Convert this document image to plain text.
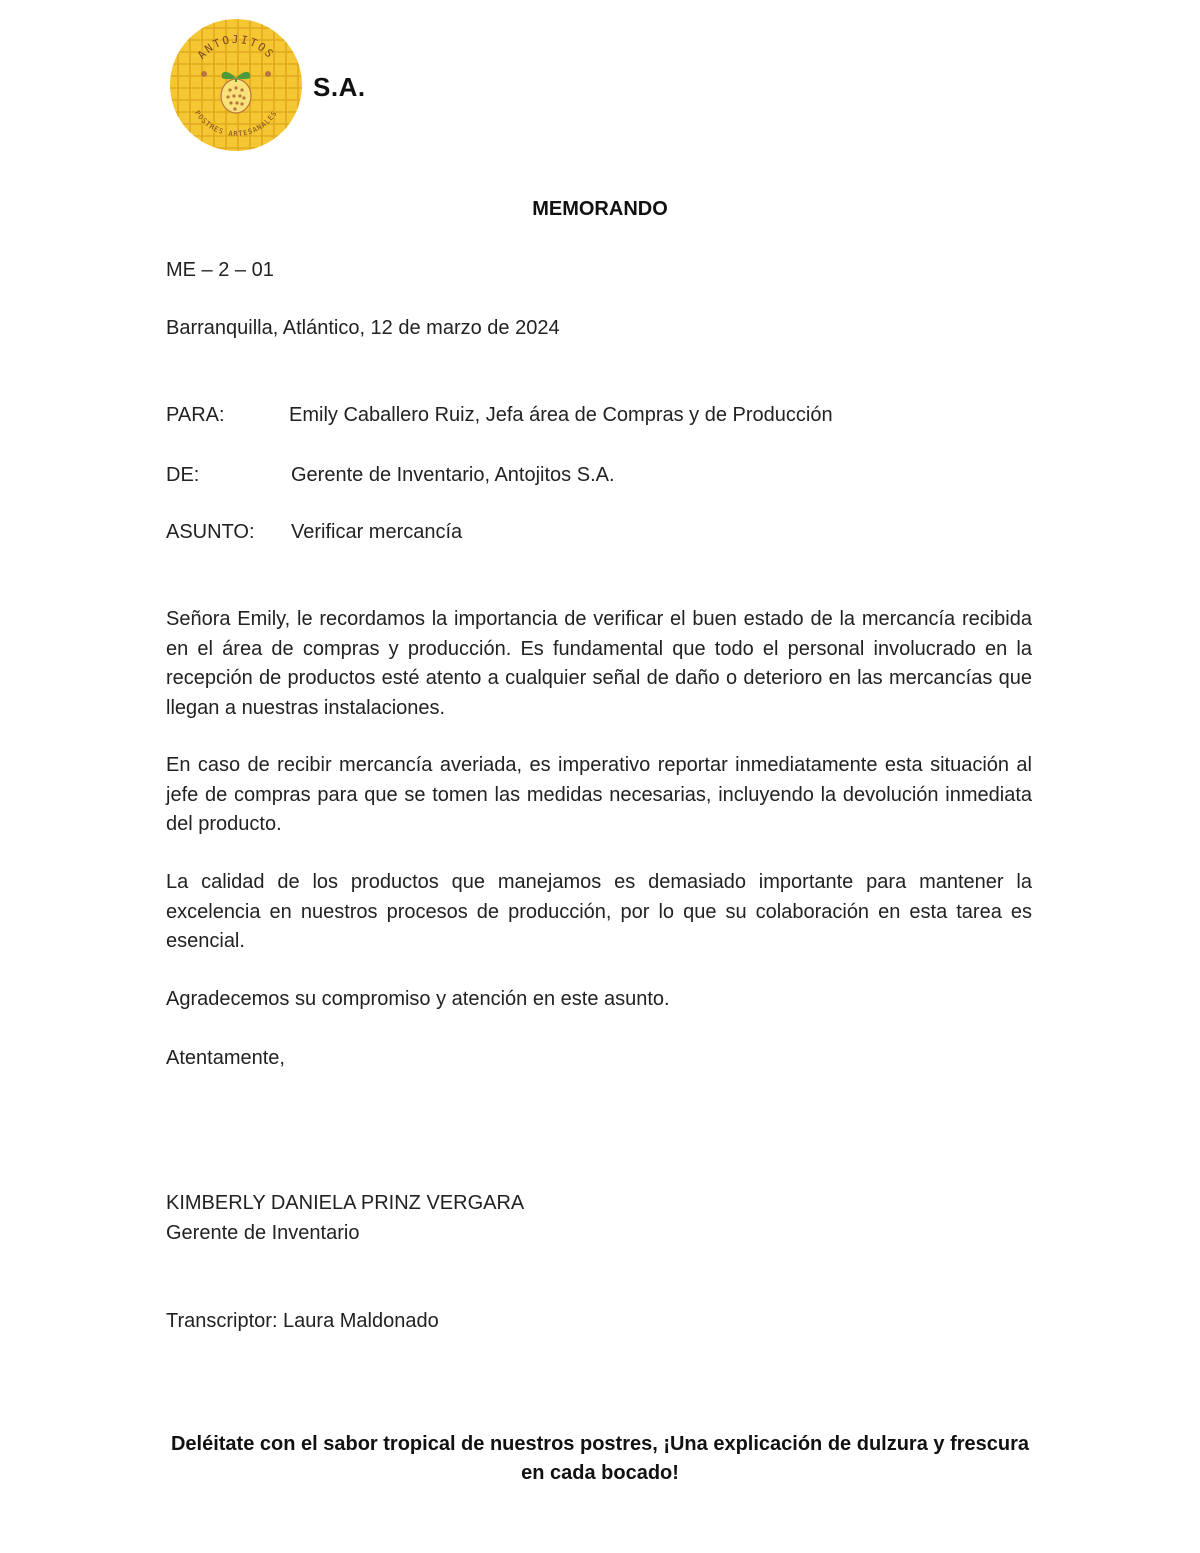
ANTOJITOS
POSTRES ARTESANALES
S.A.
MEMORANDO
ME – 2 – 01
Barranquilla, Atlántico, 12 de marzo de 2024
PARA:	Emily Caballero Ruiz, Jefa área de Compras y de Producción
DE:	Gerente de Inventario, Antojitos S.A.
ASUNTO: Verificar mercancía

Señora Emily, le recordamos la importancia de verificar el buen estado de la mercancía recibida en el área de compras y producción. Es fundamental que todo el personal involucrado en la recepción de productos esté atento a cualquier señal de daño o deterioro en las mercancías que llegan a nuestras instalaciones.

En caso de recibir mercancía averiada, es imperativo reportar inmediatamente esta situación al jefe de compras para que se tomen las medidas necesarias, incluyendo la devolución inmediata del producto.

La calidad de los productos que manejamos es demasiado importante para mantener la excelencia en nuestros procesos de producción, por lo que su colaboración en esta tarea es esencial.

Agradecemos su compromiso y atención en este asunto.

Atentamente,
KIMBERLY DANIELA PRINZ VERGARA
Gerente de Inventario
Transcriptor: Laura Maldonado
Deléitate con el sabor tropical de nuestros postres, ¡Una explicación de dulzura y frescura en cada bocado!
